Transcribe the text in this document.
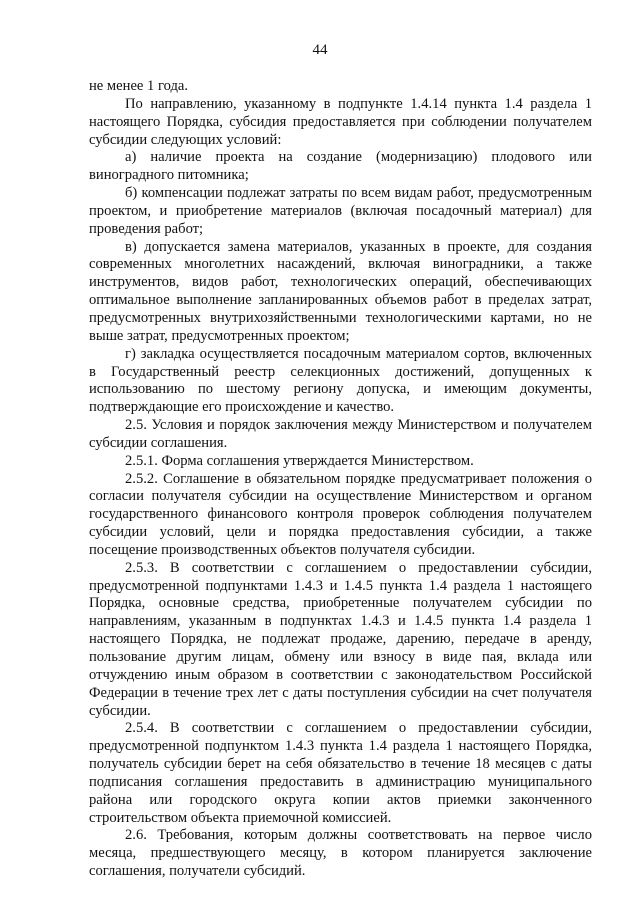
44

не менее 1 года.

По направлению, указанному в подпункте 1.4.14 пункта 1.4 раздела 1 настоящего Порядка, субсидия предоставляется при соблюдении получателем субсидии следующих условий:

а) наличие проекта на создание (модернизацию) плодового или виноградного питомника;

б) компенсации подлежат затраты по всем видам работ, предусмотренным проектом, и приобретение материалов (включая посадочный материал) для проведения работ;

в) допускается замена материалов, указанных в проекте, для создания современных многолетних насаждений, включая виноградники, а также инструментов, видов работ, технологических операций, обеспечивающих оптимальное выполнение запланированных объемов работ в пределах затрат, предусмотренных внутрихозяйственными технологическими картами, но не выше затрат, предусмотренных проектом;

г) закладка осуществляется посадочным материалом сортов, включенных в Государственный реестр селекционных достижений, допущенных к использованию по шестому региону допуска, и имеющим документы, подтверждающие его происхождение и качество.

2.5. Условия и порядок заключения между Министерством и получателем субсидии соглашения.

2.5.1. Форма соглашения утверждается Министерством.

2.5.2. Соглашение в обязательном порядке предусматривает положения о согласии получателя субсидии на осуществление Министерством и органом государственного финансового контроля проверок соблюдения получателем субсидии условий, цели и порядка предоставления субсидии, а также посещение производственных объектов получателя субсидии.

2.5.3. В соответствии с соглашением о предоставлении субсидии, предусмотренной подпунктами 1.4.3 и 1.4.5 пункта 1.4 раздела 1 настоящего Порядка, основные средства, приобретенные получателем субсидии по направлениям, указанным в подпунктах 1.4.3 и 1.4.5 пункта 1.4 раздела 1 настоящего Порядка, не подлежат продаже, дарению, передаче в аренду, пользование другим лицам, обмену или взносу в виде пая, вклада или отчуждению иным образом в соответствии с законодательством Российской Федерации в течение трех лет с даты поступления субсидии на счет получателя субсидии.

2.5.4. В соответствии с соглашением о предоставлении субсидии, предусмотренной подпунктом 1.4.3 пункта 1.4 раздела 1 настоящего Порядка, получатель субсидии берет на себя обязательство в течение 18 месяцев с даты подписания соглашения предоставить в администрацию муниципального района или городского округа копии актов приемки законченного строительством объекта приемочной комиссией.

2.6. Требования, которым должны соответствовать на первое число месяца, предшествующего месяцу, в котором планируется заключение соглашения, получатели субсидий.
